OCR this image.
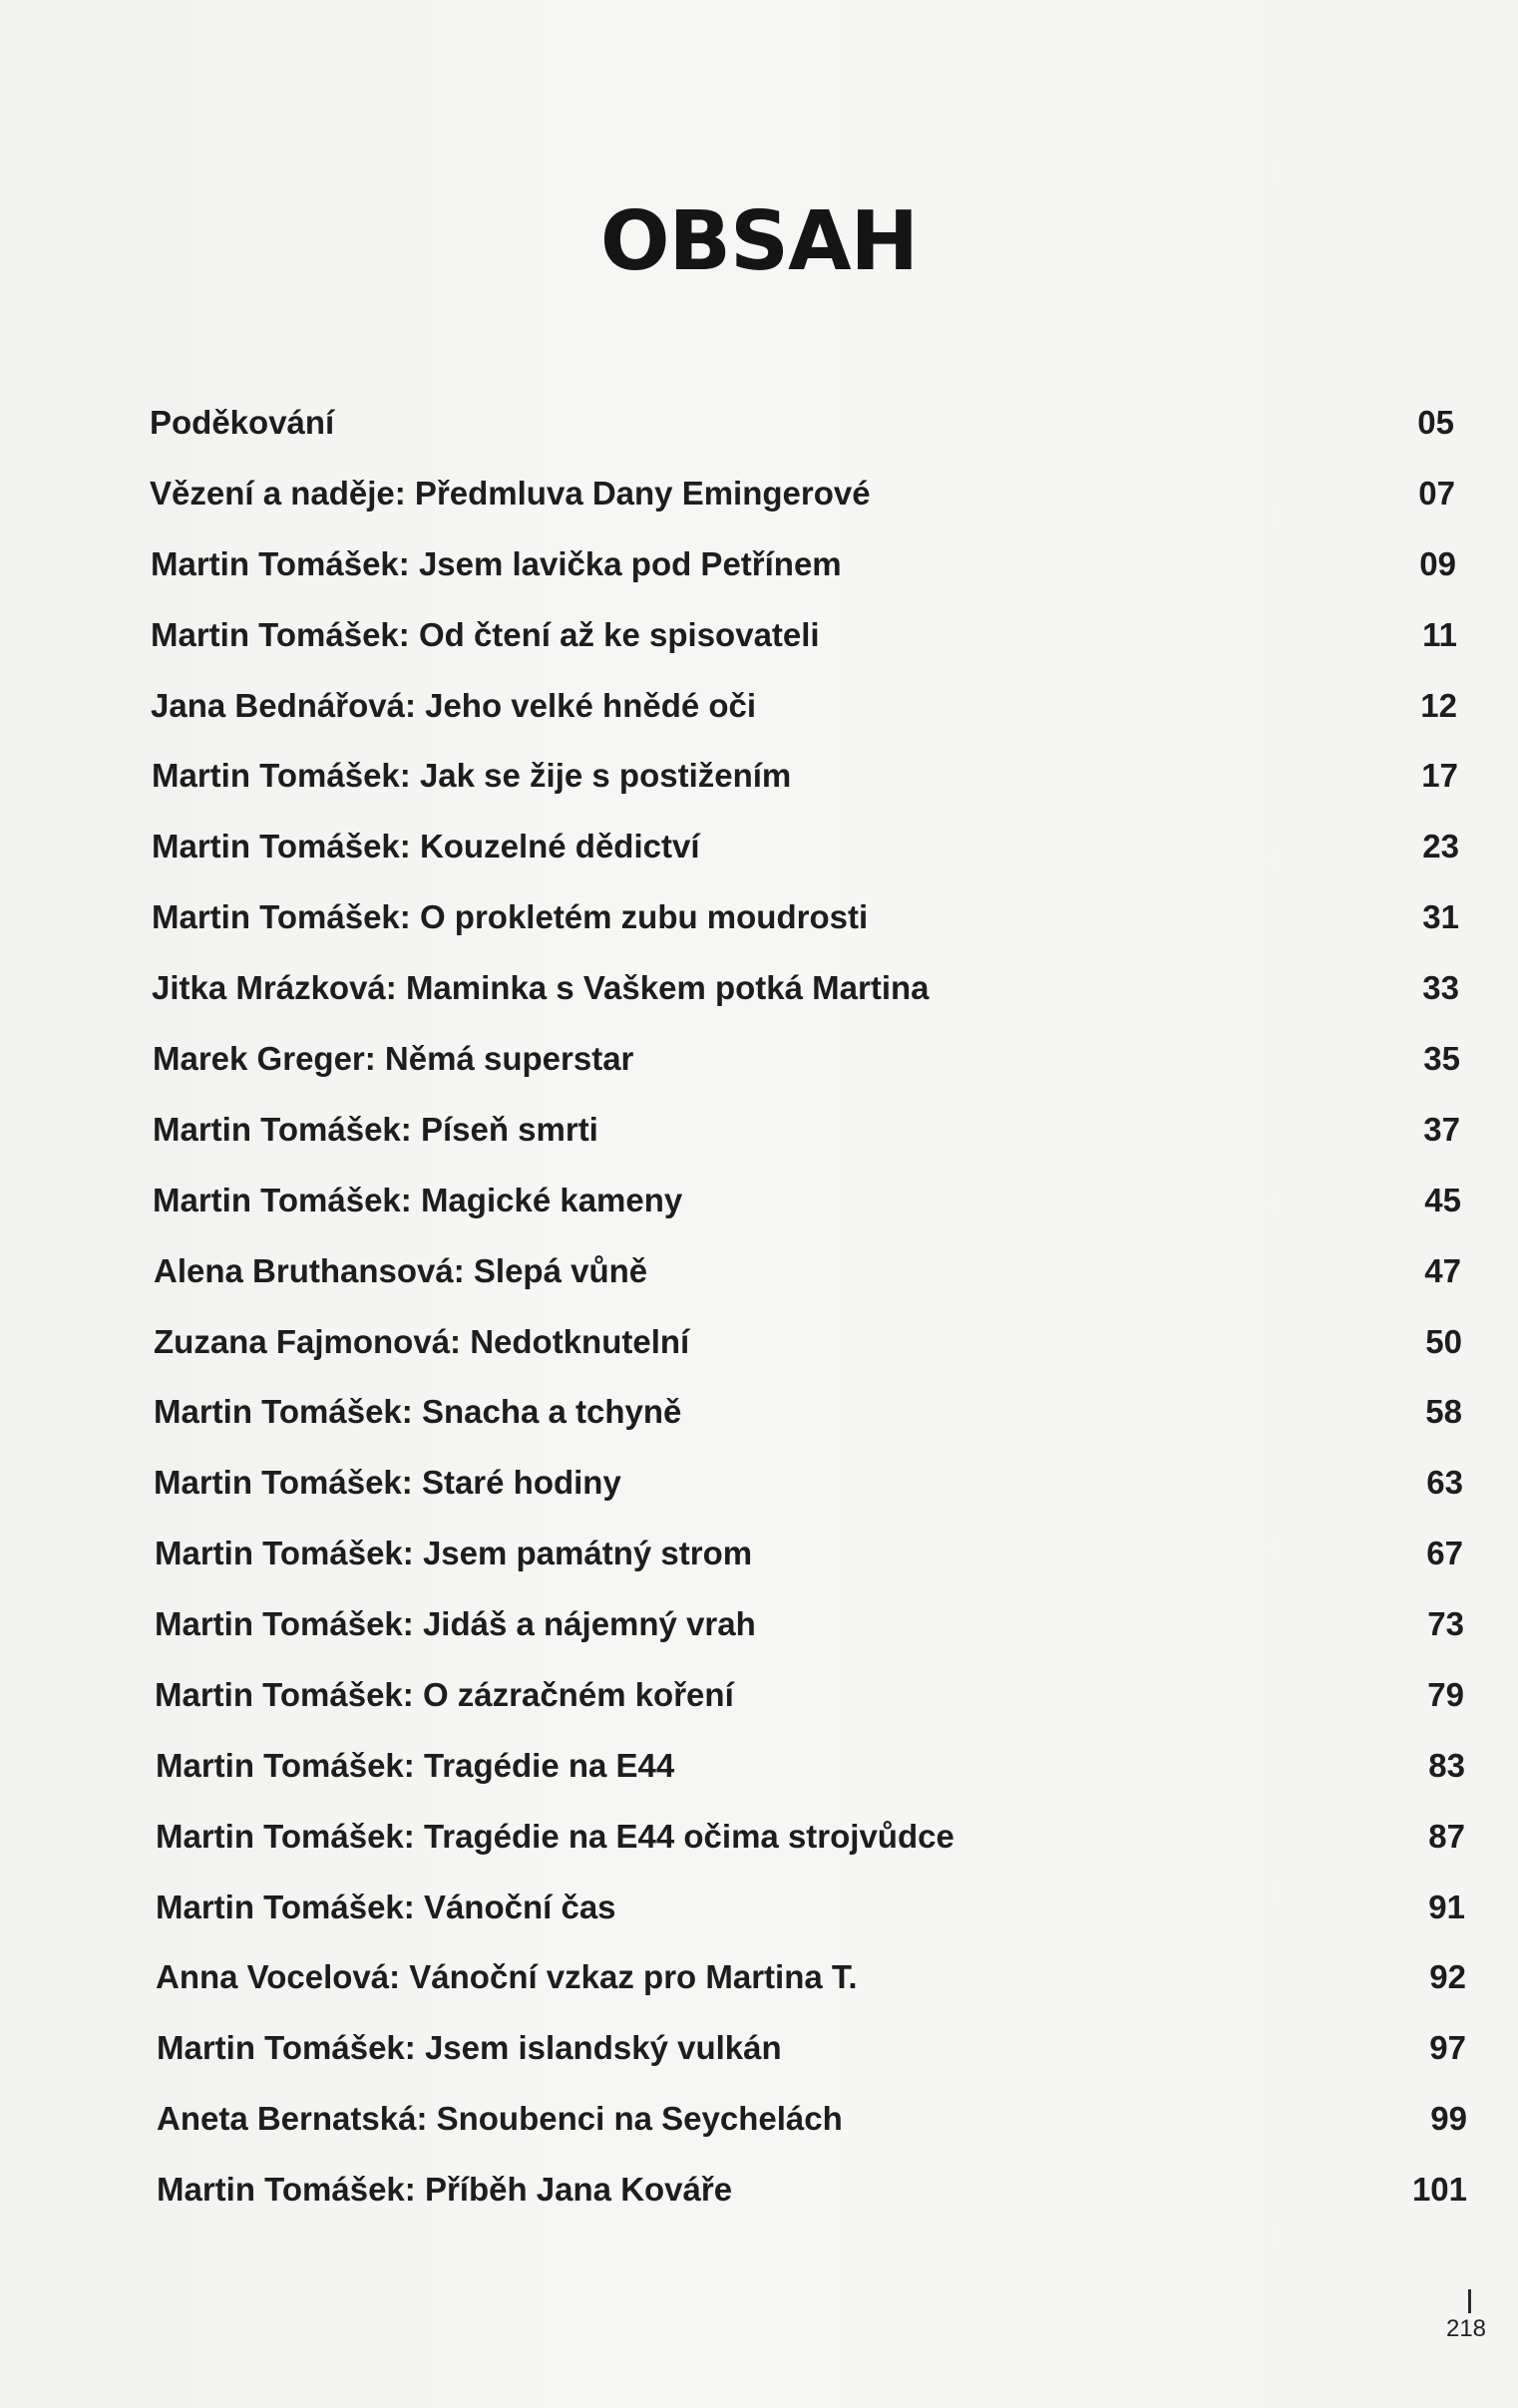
OBSAH
Poděkování	05
Vězení a naděje: Předmluva Dany Emingerové	07
Martin Tomášek: Jsem lavička pod Petřínem	09
Martin Tomášek: Od čtení až ke spisovateli	11
Jana Bednářová: Jeho velké hnědé oči	12
Martin Tomášek: Jak se žije s postižením	17
Martin Tomášek: Kouzelné dědictví	23
Martin Tomášek: O prokletém zubu moudrosti	31
Jitka Mrázková: Maminka s Vaškem potká Martina	33
Marek Greger: Němá superstar	35
Martin Tomášek: Píseň smrti	37
Martin Tomášek: Magické kameny	45
Alena Bruthansová: Slepá vůně	47
Zuzana Fajmonová: Nedotknutelní	50
Martin Tomášek: Snacha a tchyně	58
Martin Tomášek: Staré hodiny	63
Martin Tomášek: Jsem památný strom	67
Martin Tomášek: Jidáš a nájemný vrah	73
Martin Tomášek: O zázračném koření	79
Martin Tomášek: Tragédie na E44	83
Martin Tomášek: Tragédie na E44 očima strojvůdce	87
Martin Tomášek: Vánoční čas	91
Anna Vocelová: Vánoční vzkaz pro Martina T.	92
Martin Tomášek: Jsem islandský vulkán	97
Aneta Bernatská: Snoubenci na Seychelách	99
Martin Tomášek: Příběh Jana Kováře	101
218
